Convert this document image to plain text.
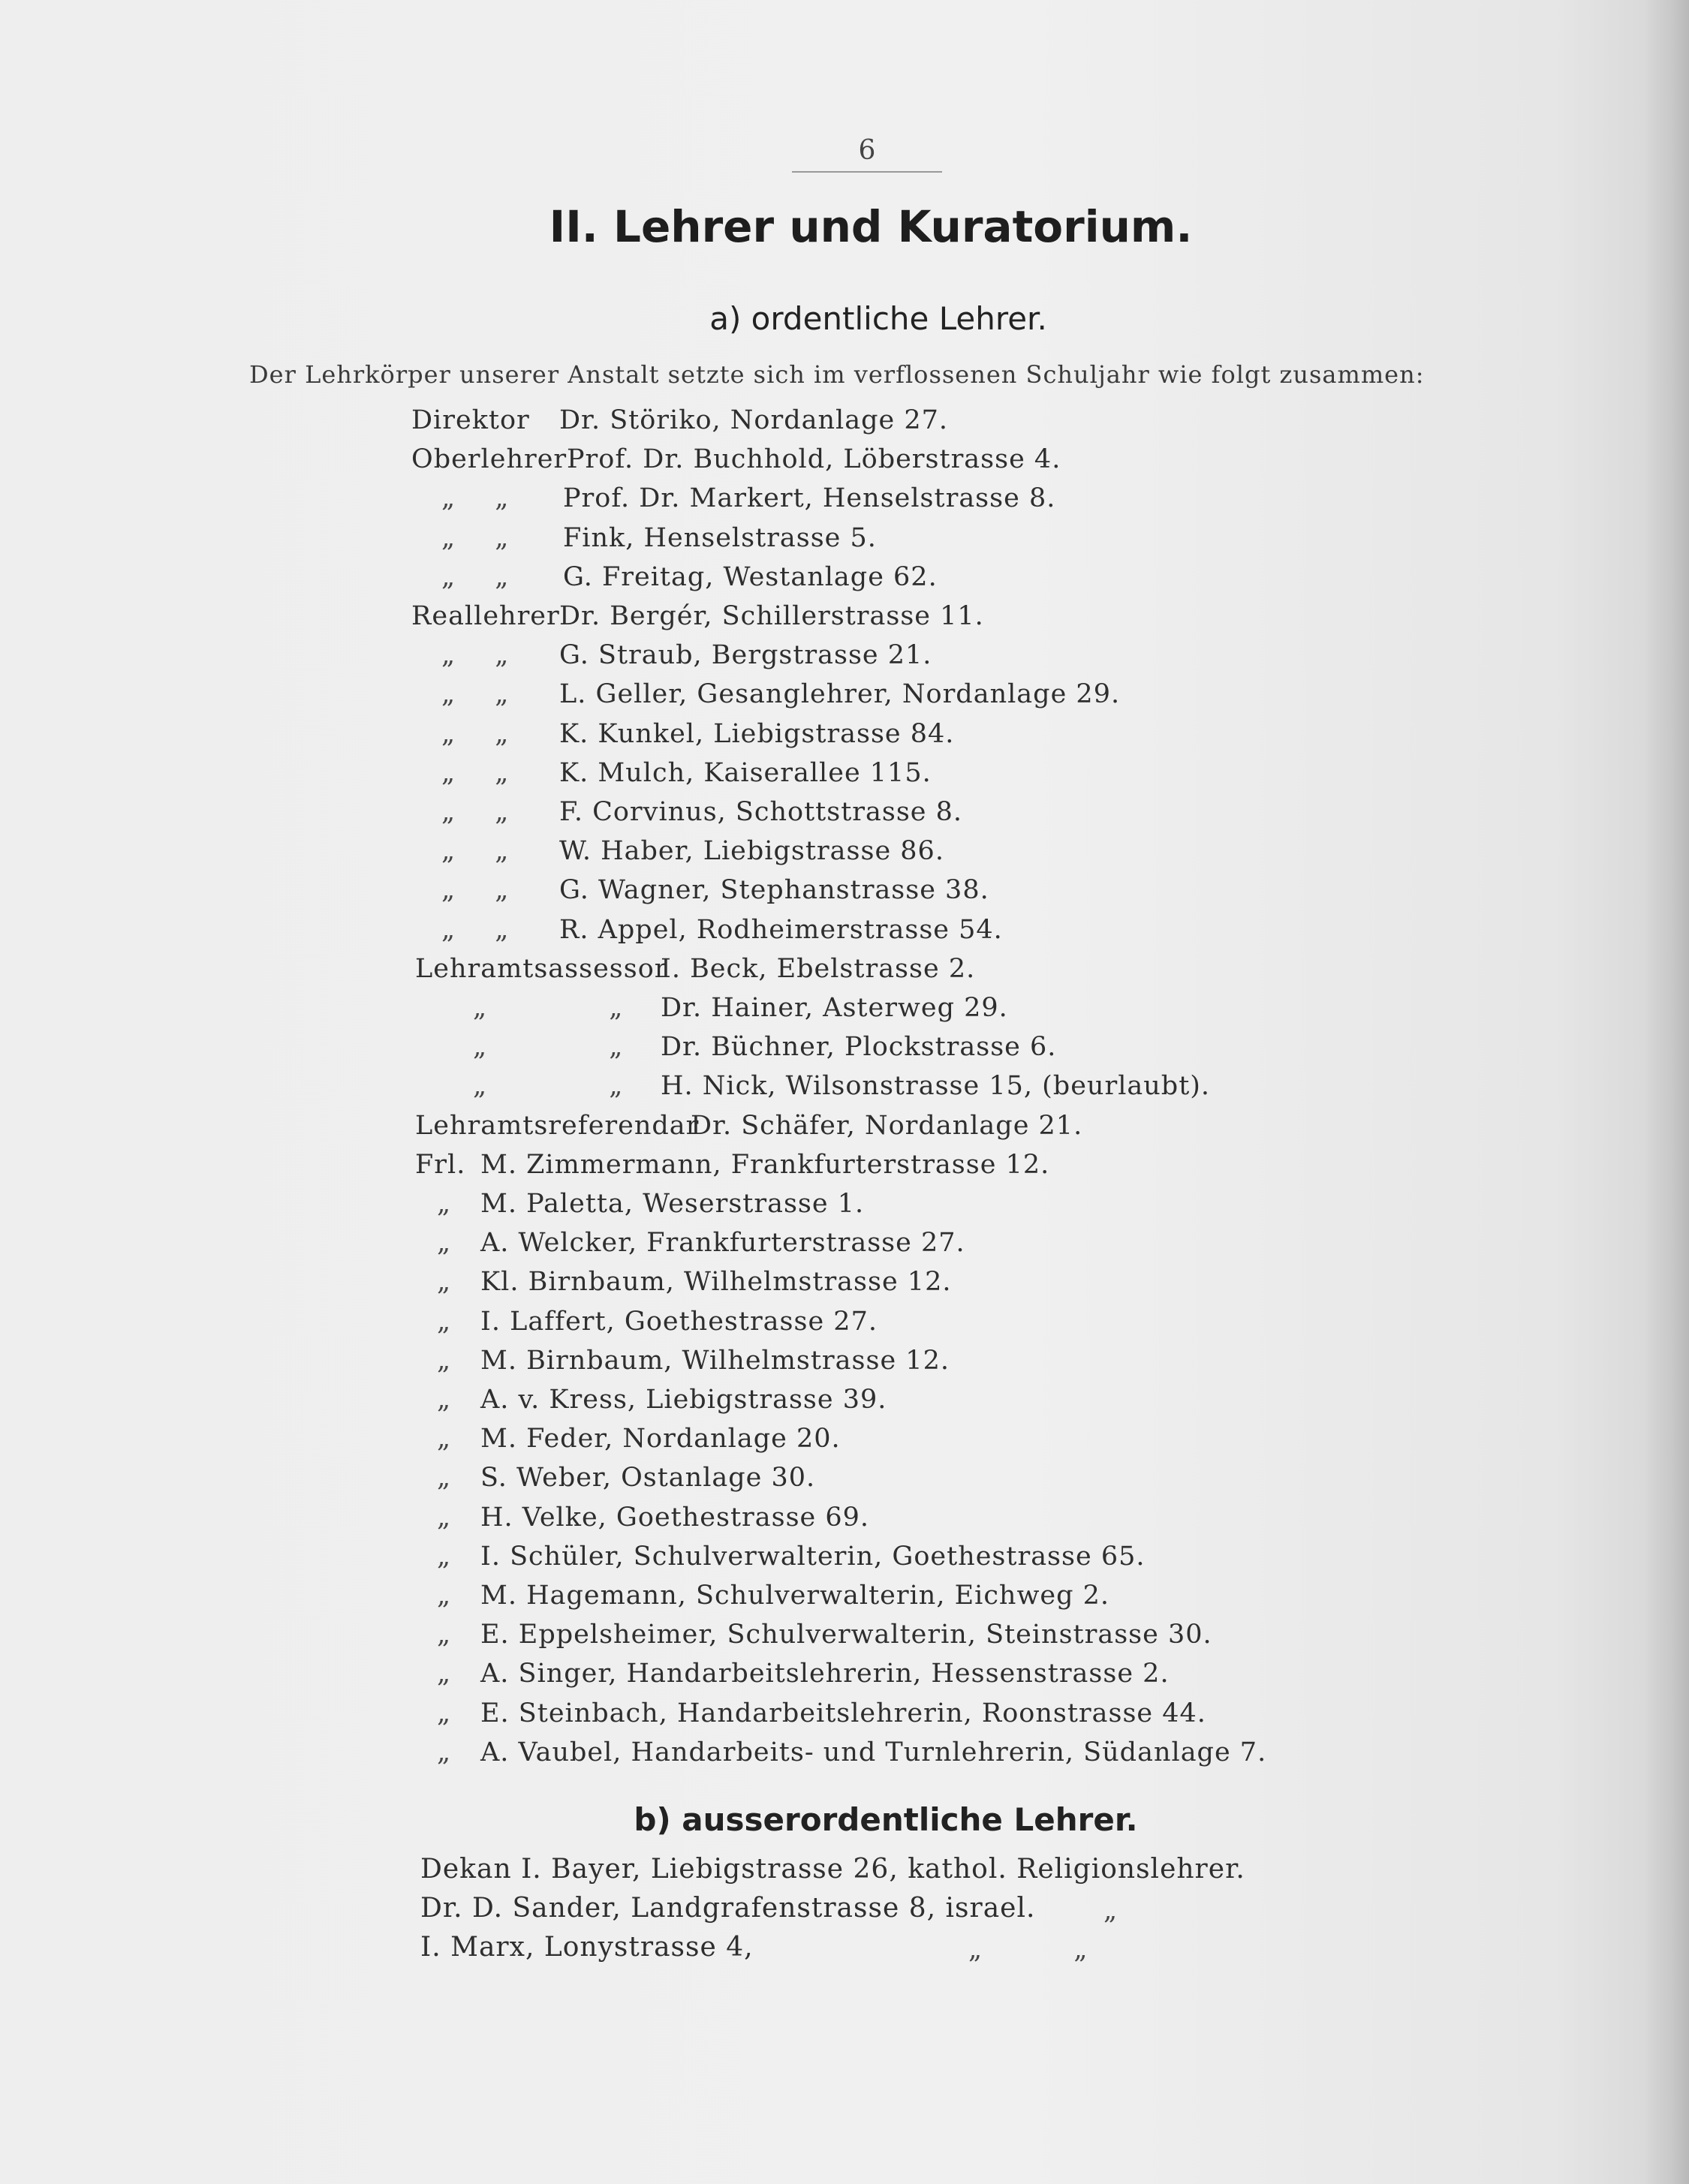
6
II. Lehrer und Kuratorium.
a) ordentliche Lehrer.
Der Lehrkörper unserer Anstalt setzte sich im verflossenen Schuljahr wie folgt zusammen:
Direktor Dr. Störiko, Nordanlage 27.
Oberlehrer Prof. Dr. Buchhold, Löberstrasse 4.
„ „ Prof. Dr. Markert, Henselstrasse 8.
„ „ Fink, Henselstrasse 5.
„ „ G. Freitag, Westanlage 62.
Reallehrer Dr. Bergér, Schillerstrasse 11.
„ „ G. Straub, Bergstrasse 21.
„ „ L. Geller, Gesanglehrer, Nordanlage 29.
„ „ K. Kunkel, Liebigstrasse 84.
„ „ K. Mulch, Kaiserallee 115.
„ „ F. Corvinus, Schottstrasse 8.
„ „ W. Haber, Liebigstrasse 86.
„ „ G. Wagner, Stephanstrasse 38.
„ „ R. Appel, Rodheimerstrasse 54.
Lehramtsassessor
I. Beck, Ebelstrasse 2.
„ „ Dr. Hainer, Asterweg 29.
„ „ Dr. Büchner, Plockstrasse 6.
„ „ H. Nick, Wilsonstrasse 15, (beurlaubt).
Lehramtsreferendar
Dr. Schäfer, Nordanlage 21.
Frl. M. Zimmermann, Frankfurterstrasse 12.
„ M. Paletta, Weserstrasse 1.
„ A. Welcker, Frankfurterstrasse 27.
„ Kl. Birnbaum, Wilhelmstrasse 12.
„ I. Laffert, Goethestrasse 27.
„ M. Birnbaum, Wilhelmstrasse 12.
„ A. v. Kress, Liebigstrasse 39.
„ M. Feder, Nordanlage 20.
„ S. Weber, Ostanlage 30.
„ H. Velke, Goethestrasse 69.
„ I. Schüler, Schulverwalterin, Goethestrasse 65.
„ M. Hagemann, Schulverwalterin, Eichweg 2.
„ E. Eppelsheimer, Schulverwalterin, Steinstrasse 30.
„ A. Singer, Handarbeitslehrerin, Hessenstrasse 2.
„ E. Steinbach, Handarbeitslehrerin, Roonstrasse 44.
„ A. Vaubel, Handarbeits- und Turnlehrerin, Südanlage 7.
b) ausserordentliche Lehrer.
Dekan I. Bayer, Liebigstrasse 26, kathol. Religionslehrer.
Dr. D. Sander, Landgrafenstrasse 8, israel.	„
I. Marx, Lonystrasse 4,	„          „
